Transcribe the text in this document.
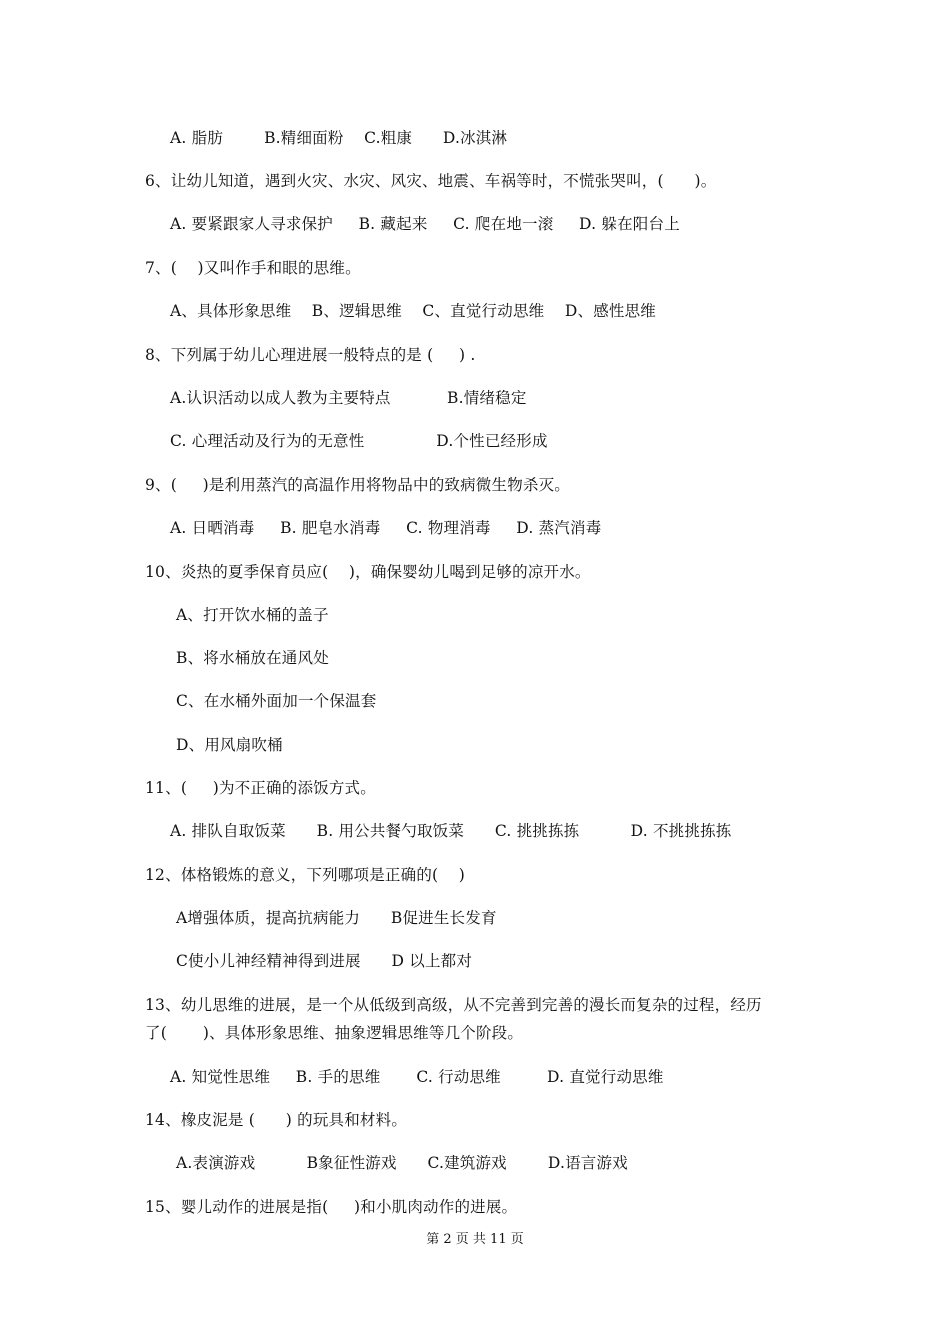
A. 脂肪        B.精细面粉    C.粗康      D.冰淇淋
6、让幼儿知道，遇到火灾、水灾、风灾、地震、车祸等时，不慌张哭叫，(      )。
A. 要紧跟家人寻求保护     B. 藏起来     C. 爬在地一滚     D. 躲在阳台上
7、(    )又叫作手和眼的思维。
A、具体形象思维    B、逻辑思维    C、直觉行动思维    D、感性思维
8、下列属于幼儿心理进展一般特点的是 (     ) .
A.认识活动以成人教为主要特点           B.情绪稳定
C. 心理活动及行为的无意性              D.个性已经形成
9、(     )是利用蒸汽的高温作用将物品中的致病微生物杀灭。
A. 日晒消毒     B. 肥皂水消毒     C. 物理消毒     D. 蒸汽消毒
10、炎热的夏季保育员应(    )，确保婴幼儿喝到足够的凉开水。
A、打开饮水桶的盖子
B、将水桶放在通风处
C、在水桶外面加一个保温套
D、用风扇吹桶
11、(     )为不正确的添饭方式。
A. 排队自取饭菜      B. 用公共餐勺取饭菜      C. 挑挑拣拣          D. 不挑挑拣拣
12、体格锻炼的意义，下列哪项是正确的(    )
A增强体质，提高抗病能力      B促进生长发育
C使小儿神经精神得到进展      D 以上都对
13、幼儿思维的进展，是一个从低级到高级，从不完善到完善的漫长而复杂的过程，经历
了(       )、具体形象思维、抽象逻辑思维等几个阶段。
A. 知觉性思维     B. 手的思维       C. 行动思维         D. 直觉行动思维
14、橡皮泥是 (      ) 的玩具和材料。
A.表演游戏          B象征性游戏      C.建筑游戏        D.语言游戏
15、婴儿动作的进展是指(     )和小肌肉动作的进展。
第 2 页 共 11 页
